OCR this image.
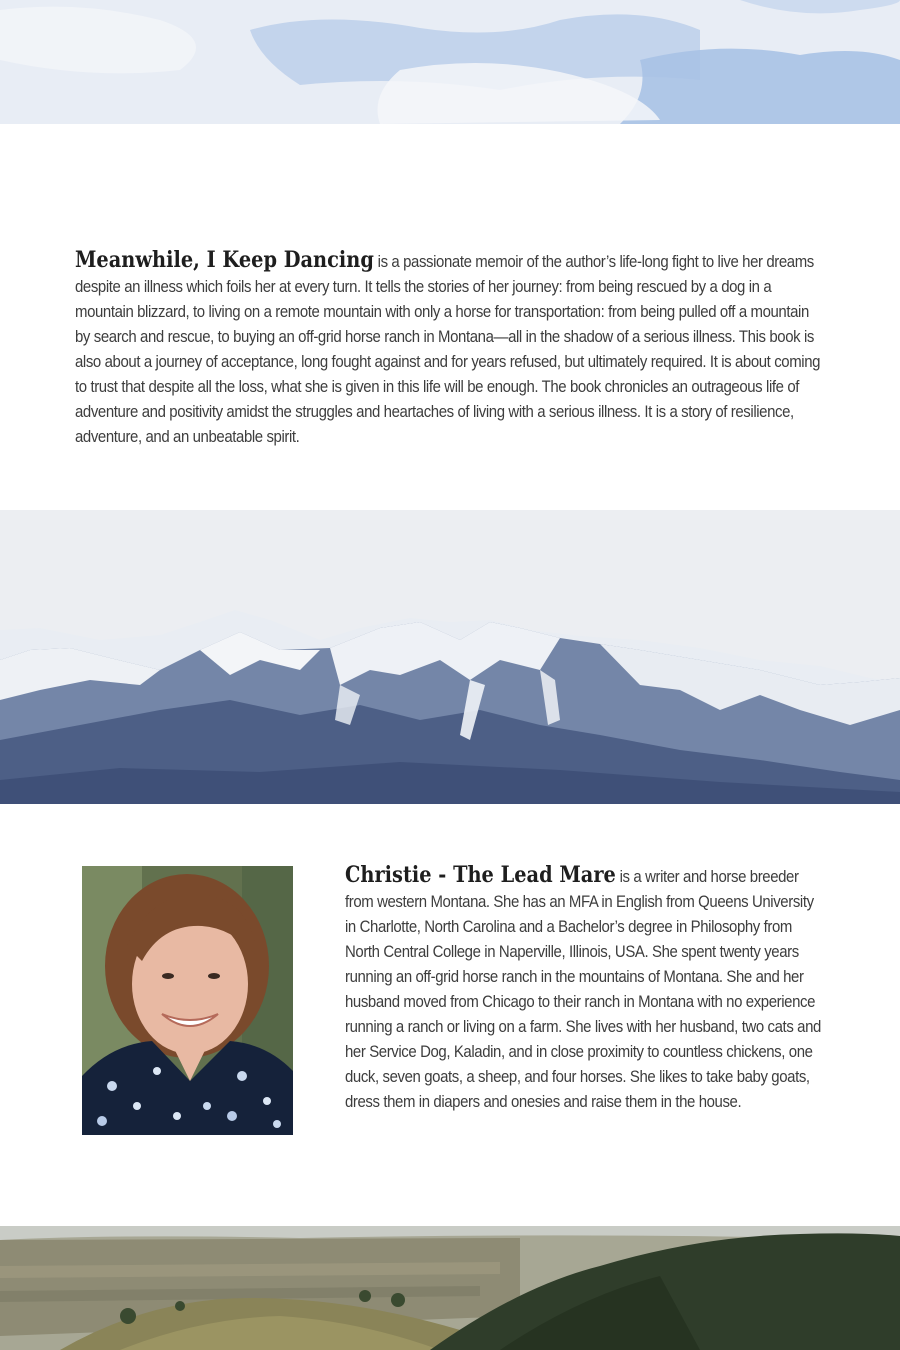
Meanwhile, I Keep Dancing is a passionate memoir of the author’s life-long fight to live her dreams despite an illness which foils her at every turn. It tells the stories of her journey: from being rescued by a dog in a mountain blizzard, to living on a remote mountain with only a horse for transportation: from being pulled off a mountain by search and rescue, to buying an off-grid horse ranch in Montana—all in the shadow of a serious illness. This book is also about a journey of acceptance, long fought against and for years refused, but ultimately required. It is about coming to trust that despite all the loss, what she is given in this life will be enough. The book chronicles an outrageous life of adventure and positivity amidst the struggles and heartaches of living with a serious illness. It is a story of resilience, adventure, and an unbeatable spirit.

Christie - The Lead Mare is a writer and horse breeder from western Montana. She has an MFA in English from Queens University in Charlotte, North Carolina and a Bachelor’s degree in Philosophy from North Central College in Naperville, Illinois, USA. She spent twenty years running an off-grid horse ranch in the mountains of Montana. She and her husband moved from Chicago to their ranch in Montana with no experience running a ranch or living on a farm. She lives with her husband, two cats and her Service Dog, Kaladin, and in close proximity to countless chickens, one duck, seven goats, a sheep, and four horses. She likes to take baby goats, dress them in diapers and onesies and raise them in the house.
